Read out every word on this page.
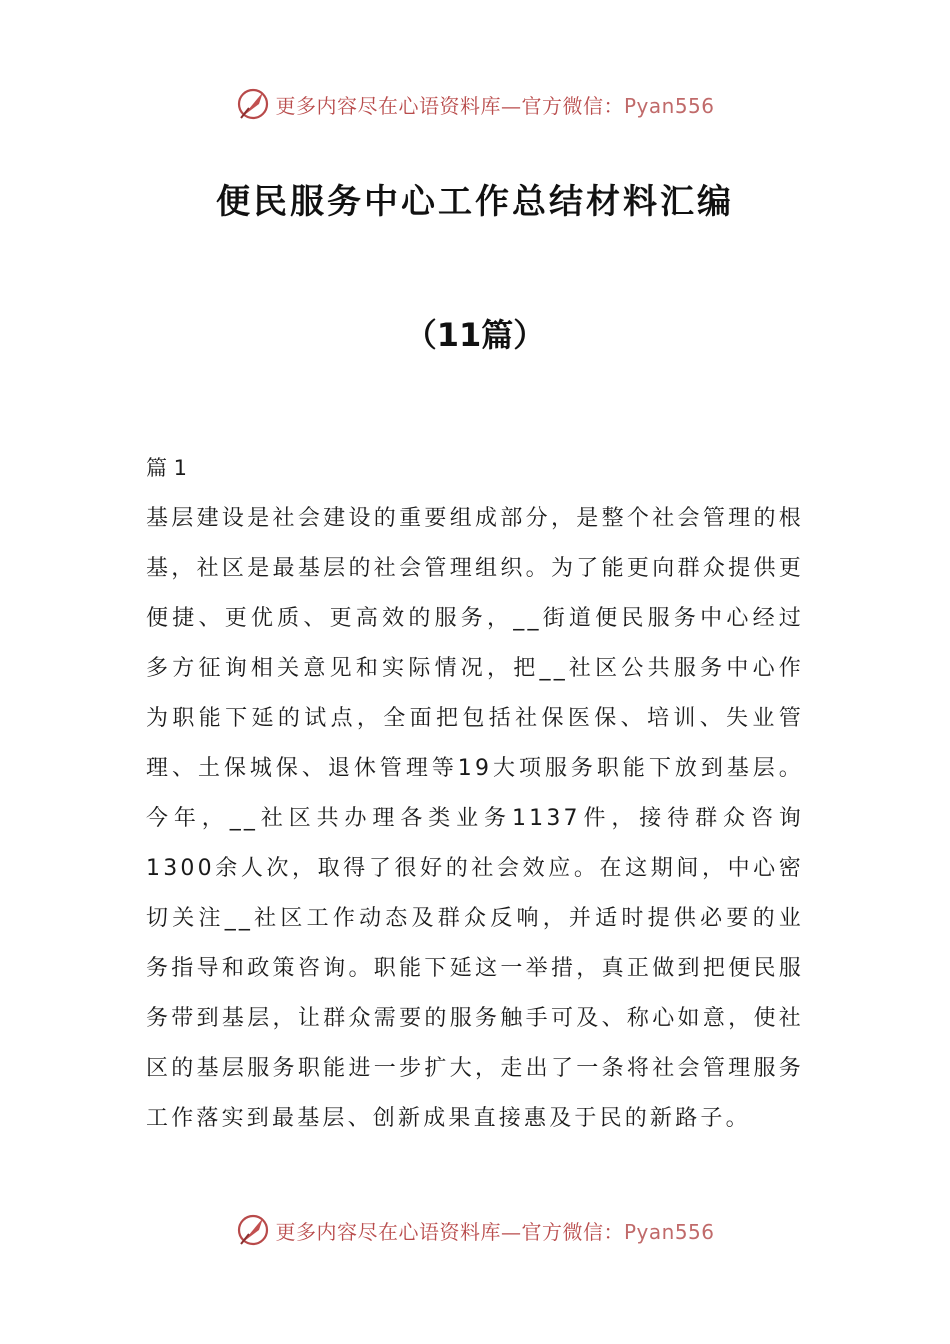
更多内容尽在心语资料库—官方微信：Pyan556
便民服务中心工作总结材料汇编
（11篇）
篇 1

基层建设是社会建设的重要组成部分，是整个社会管理的根基，社区是最基层的社会管理组织。为了能更向群众提供更便捷、更优质、更高效的服务，__街道便民服务中心经过多方征询相关意见和实际情况，把__社区公共服务中心作为职能下延的试点，全面把包括社保医保、培训、失业管理、土保城保、退休管理等19大项服务职能下放到基层。今年，__社区共办理各类业务1137件，接待群众咨询1300余人次，取得了很好的社会效应。在这期间，中心密切关注__社区工作动态及群众反响，并适时提供必要的业务指导和政策咨询。职能下延这一举措，真正做到把便民服务带到基层，让群众需要的服务触手可及、称心如意，使社区的基层服务职能进一步扩大，走出了一条将社会管理服务工作落实到最基层、创新成果直接惠及于民的新路子。

更多内容尽在心语资料库—官方微信：Pyan556
